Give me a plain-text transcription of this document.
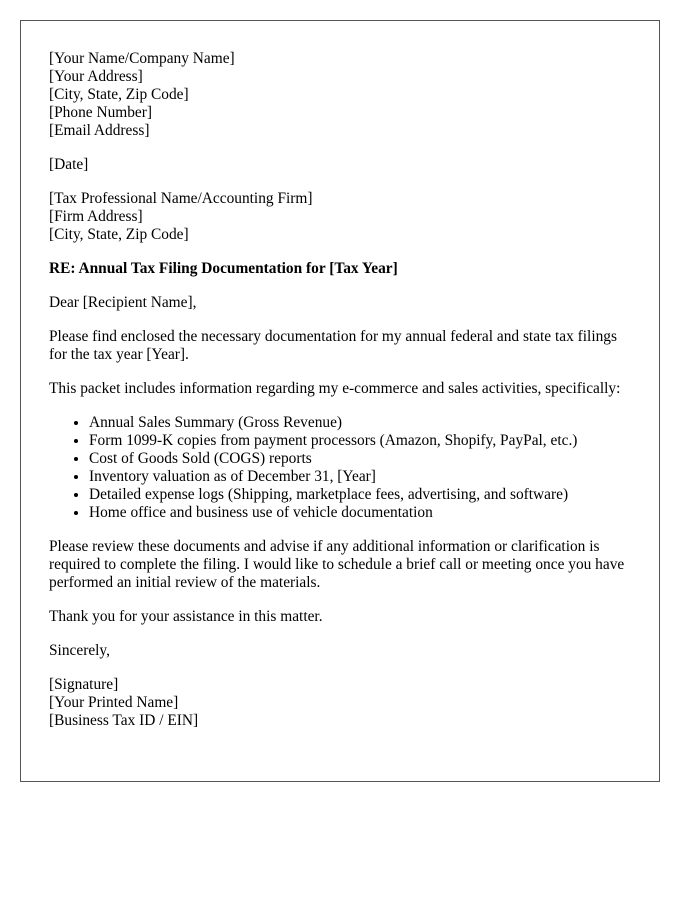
[Your Name/Company Name]
[Your Address]
[City, State, Zip Code]
[Phone Number]
[Email Address]
[Date]
[Tax Professional Name/Accounting Firm]
[Firm Address]
[City, State, Zip Code]
RE: Annual Tax Filing Documentation for [Tax Year]

Dear [Recipient Name],

Please find enclosed the necessary documentation for my annual federal and state tax filings for the tax year [Year].

This packet includes information regarding my e-commerce and sales activities, specifically:

• Annual Sales Summary (Gross Revenue)
• Form 1099-K copies from payment processors (Amazon, Shopify, PayPal, etc.)
• Cost of Goods Sold (COGS) reports
• Inventory valuation as of December 31, [Year]
• Detailed expense logs (Shipping, marketplace fees, advertising, and software)
• Home office and business use of vehicle documentation

Please review these documents and advise if any additional information or clarification is required to complete the filing. I would like to schedule a brief call or meeting once you have performed an initial review of the materials.

Thank you for your assistance in this matter.

Sincerely,

[Signature]
[Your Printed Name]
[Business Tax ID / EIN]
